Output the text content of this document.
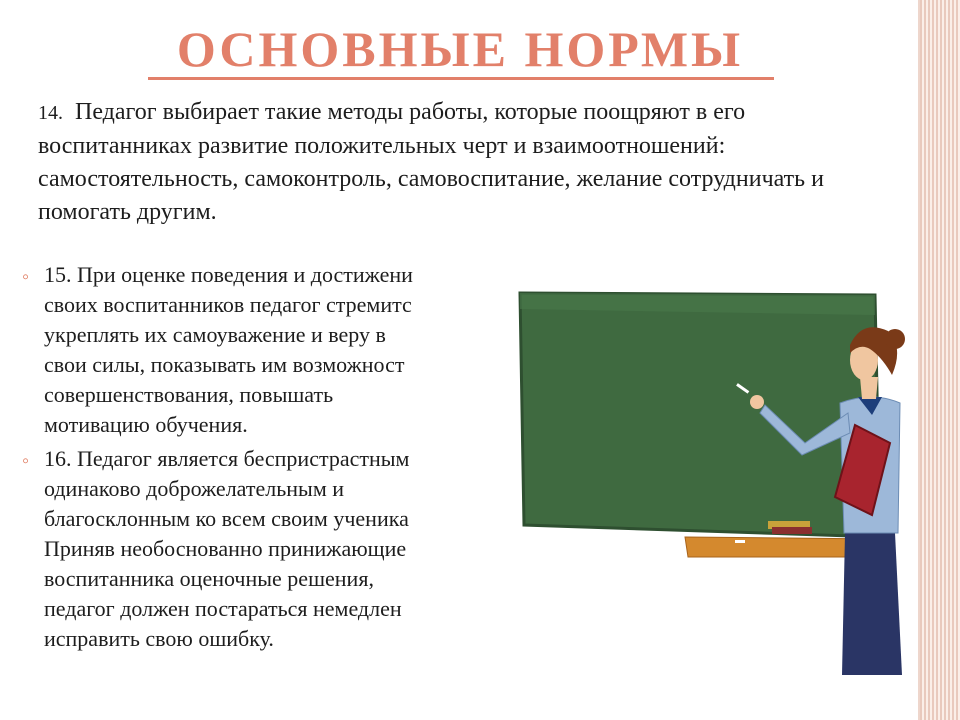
ОСНОВНЫЕ НОРМЫ
14. Педагог выбирает такие методы работы, которые поощряют в его воспитанниках развитие положительных черт и взаимоотношений: самостоятельность, самоконтроль, самовоспитание, желание сотрудничать и помогать другим.
◦ 15. При оценке поведения и достижени
своих воспитанников педагог стремитс
укреплять их самоуважение и веру в
свои силы, показывать им возможност
совершенствования, повышать
мотивацию обучения.
◦ 16. Педагог является беспристрастным
одинаково доброжелательным и
благосклонным ко всем своим ученика
Приняв необоснованно принижающие
воспитанника оценочные решения,
педагог должен постараться немедлен
исправить свою ошибку.
